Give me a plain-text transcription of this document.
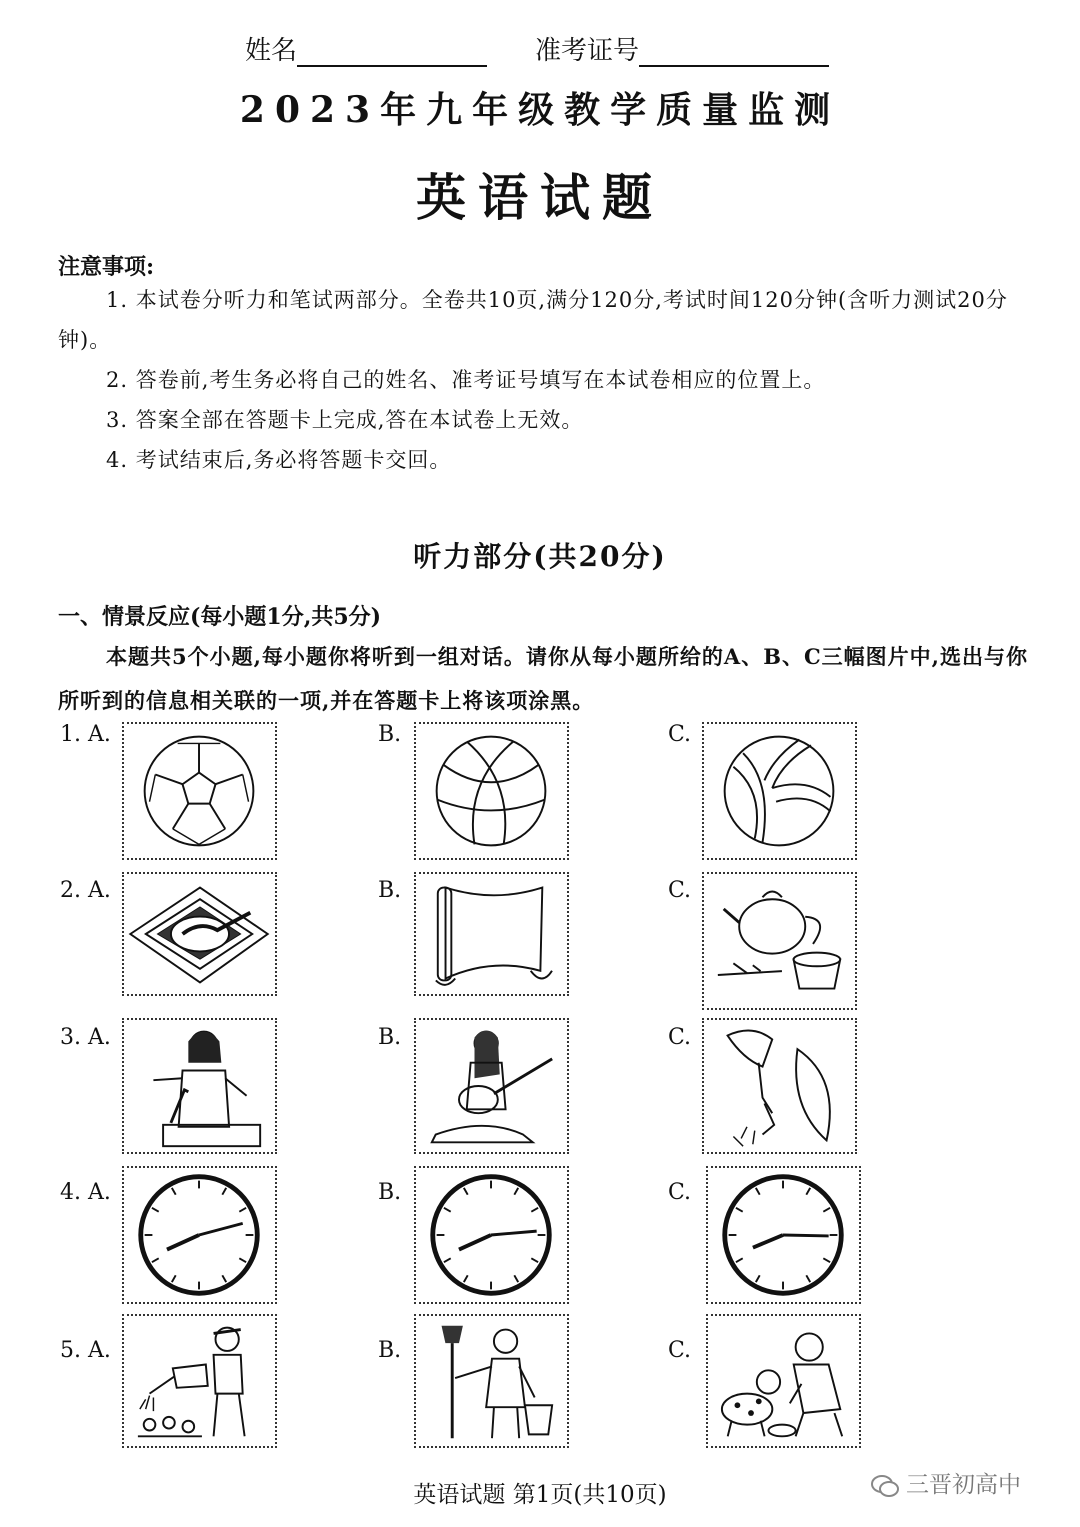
姓名	准考证号
2023年九年级教学质量监测
英语试题
注意事项:
1. 本试卷分听力和笔试两部分。全卷共10页,满分120分,考试时间120分钟(含听力测试20分钟)。
2. 答卷前,考生务必将自己的姓名、准考证号填写在本试卷相应的位置上。
3. 答案全部在答题卡上完成,答在本试卷上无效。
4. 考试结束后,务必将答题卡交回。
听力部分(共20分)
一、情景反应(每小题1分,共5分)
本题共5个小题,每小题你将听到一组对话。请你从每小题所给的A、B、C三幅图片中,选出与你所听到的信息相关联的一项,并在答题卡上将该项涂黑。
1. A.	B.	C.
2. A.	B.	C.
3. A.	B.	C.
4. A.	B.	C.
5. A.	B.	C.
英语试题 第1页(共10页)	三晋初高中
